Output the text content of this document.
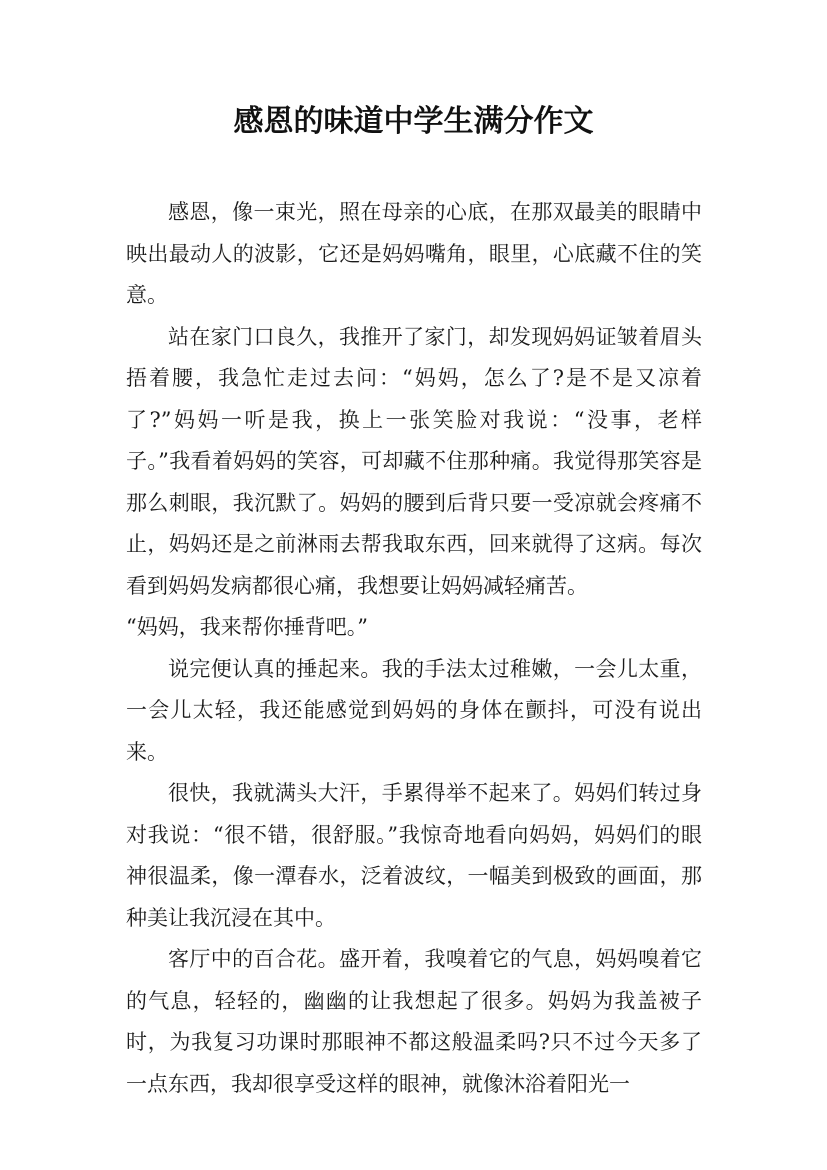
感恩的味道中学生满分作文

感恩，像一束光，照在母亲的心底，在那双最美的眼睛中映出最动人的波影，它还是妈妈嘴角，眼里，心底藏不住的笑意。

站在家门口良久，我推开了家门，却发现妈妈证皱着眉头捂着腰，我急忙走过去问：“妈妈，怎么了?是不是又凉着了?”妈妈一听是我，换上一张笑脸对我说：“没事，老样子。”我看着妈妈的笑容，可却藏不住那种痛。我觉得那笑容是那么刺眼，我沉默了。妈妈的腰到后背只要一受凉就会疼痛不止，妈妈还是之前淋雨去帮我取东西，回来就得了这病。每次看到妈妈发病都很心痛，我想要让妈妈减轻痛苦。

“妈妈，我来帮你捶背吧。”

说完便认真的捶起来。我的手法太过稚嫩，一会儿太重，一会儿太轻，我还能感觉到妈妈的身体在颤抖，可没有说出来。

很快，我就满头大汗，手累得举不起来了。妈妈们转过身对我说：“很不错，很舒服。”我惊奇地看向妈妈，妈妈们的眼神很温柔，像一潭春水，泛着波纹，一幅美到极致的画面，那种美让我沉浸在其中。

客厅中的百合花。盛开着，我嗅着它的气息，妈妈嗅着它的气息，轻轻的，幽幽的让我想起了很多。妈妈为我盖被子时，为我复习功课时那眼神不都这般温柔吗?只不过今天多了一点东西，我却很享受这样的眼神，就像沐浴着阳光一
